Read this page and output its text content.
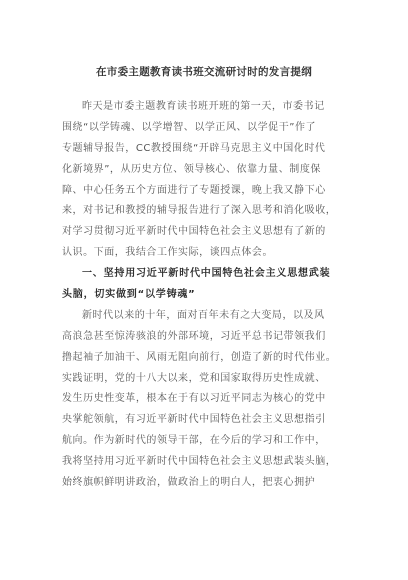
在市委主题教育读书班交流研讨时的发言提纲
昨天是市委主题教育读书班开班的第一天，市委书记
围绕“以学铸魂、以学增智、以学正风、以学促干”作了
专题辅导报告，CC教授围绕“开辟马克思主义中国化时代
化新境界”，从历史方位、领导核心、依靠力量、制度保
障、中心任务五个方面进行了专题授课，晚上我又静下心
来，对书记和教授的辅导报告进行了深入思考和消化吸收，
对学习贯彻习近平新时代中国特色社会主义思想有了新的
认识。下面，我结合工作实际，谈四点体会。
一、坚持用习近平新时代中国特色社会主义思想武装
头脑，切实做到“以学铸魂”
新时代以来的十年，面对百年未有之大变局，以及风
高浪急甚至惊涛骇浪的外部环境，习近平总书记带领我们
撸起袖子加油干、风雨无阻向前行，创造了新的时代伟业。
实践证明，党的十八大以来，党和国家取得历史性成就、
发生历史性变革，根本在于有以习近平同志为核心的党中
央掌舵领航，有习近平新时代中国特色社会主义思想指引
航向。作为新时代的领导干部，在今后的学习和工作中，
我将坚持用习近平新时代中国特色社会主义思想武装头脑，
始终旗帜鲜明讲政治，做政治上的明白人，把衷心拥护
